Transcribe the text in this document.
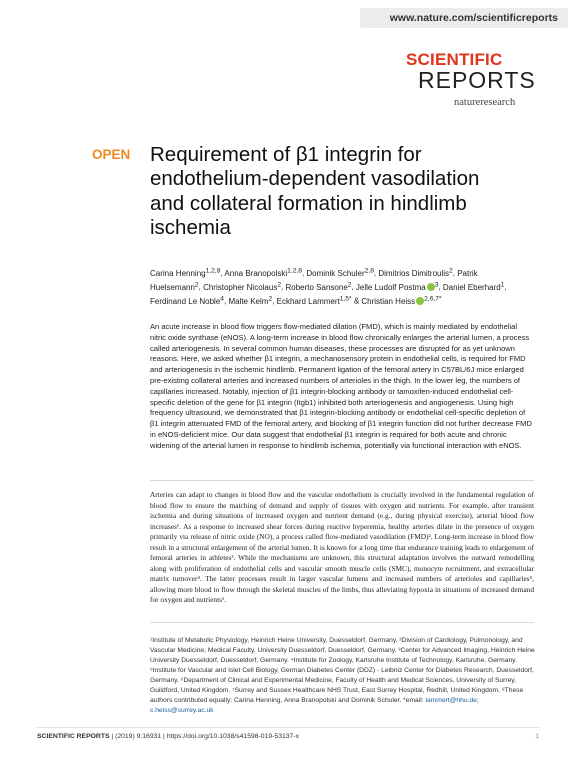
www.nature.com/scientificreports
SCIENTIFIC
REPORTS
natureresearch
OPEN Requirement of β1 integrin for endothelium-dependent vasodilation and collateral formation in hindlimb ischemia

Carina Henning$^{1,2,8}$, Anna Branopolski$^{1,2,8}$, Dominik Schuler$^{2,8}$, Dimitrios Dimitroulis$^2$, Patrik Huelsemann$^2$, Christopher Nicolaus$^2$, Roberto Sansone$^2$, Jelle Ludolf Postma $^3$, Daniel Eberhard$^1$, Ferdinand Le Noble$^4$, Malte Kelm$^2$, Eckhard Lammert$^{1,5*}$ & Christian Heiss $^{2,6,7*}$

An acute increase in blood flow triggers flow-mediated dilation (FMD), which is mainly mediated by endothelial nitric oxide synthase (eNOS). A long-term increase in blood flow chronically enlarges the arterial lumen, a process called arteriogenesis. In several common human diseases, these processes are disrupted for as yet unknown reasons. Here, we asked whether β1 integrin, a mechanosensory protein in endothelial cells, is required for FMD and arteriogenesis in the ischemic hindlimb. Permanent ligation of the femoral artery in C57BL/6J mice enlarged pre-existing collateral arteries and increased numbers of arterioles in the thigh. In the lower leg, the numbers of capillaries increased. Notably, injection of β1 integrin-blocking antibody or tamoxifen-induced endothelial cell-specific deletion of the gene for β1 integrin (Itgb1) inhibited both arteriogenesis and angiogenesis. Using high frequency ultrasound, we demonstrated that β1 integrin-blocking antibody or endothelial cell-specific depletion of β1 integrin attenuated FMD of the femoral artery, and blocking of β1 integrin function did not further decrease FMD in eNOS-deficient mice. Our data suggest that endothelial β1 integrin is required for both acute and chronic widening of the arterial lumen in response to hindlimb ischemia, potentially via functional interaction with eNOS.

Arteries can adapt to changes in blood flow and the vascular endothelium is crucially involved in the fundamental regulation of blood flow to ensure the matching of demand and supply of tissues with oxygen and nutrients. For example, after transient ischemia and during situations of increased oxygen and nutrient demand (e.g., during physical exercise), arterial blood flow increases¹. As a response to increased shear forces during reactive hyperemia, healthy arteries dilate in the presence of oxygen primarily via release of nitric oxide (NO), a process called flow-mediated vasodilation (FMD)². Long-term increase in blood flow result in a structural enlargement of the arterial lumen. It is known for a long time that endurance training leads to enlargement of femoral arteries in athletes³. While the mechanisms are unknown, this structural adaptation involves the outward remodelling along with proliferation of endothelial cells and vascular smooth muscle cells (SMC), monocyte recruitment, and extracellular matrix turnover⁴. The latter processes result in larger vascular lumens and increased numbers of arterioles and capillaries⁵, allowing more blood to flow through the skeletal muscles of the limbs, thus alleviating hypoxia in situations of increased demand for oxygen and nutrients¹.

¹Institute of Metabolic Physiology, Heinrich Heine University, Duesseldorf, Germany. ²Division of Cardiology, Pulmonology, and Vascular Medicine, Medical Faculty, University Duesseldorf, Duesseldorf, Germany. ³Center for Advanced Imaging, Heinrich Heine University Duesseldorf, Duesseldorf, Germany. ⁴Institute for Zoology, Karlsruhe Institute of Technology, Karlsruhe, Germany. ⁵Institute for Vascular and Islet Cell Biology, German Diabetes Center (DDZ) - Leibniz Center for Diabetes Research, Duesseldorf, Germany. ⁶Department of Clinical and Experimental Medicine, Faculty of Health and Medical Sciences, University of Surrey, Guildford, United Kingdom. ⁷Surrey and Sussex Healthcare NHS Trust, East Surrey Hospital, Redhill, United Kingdom. ⁸These authors contributed equally: Carina Henning, Anna Branopolski and Dominik Schuler. *email: lammert@hhu.de; c.heiss@surrey.ac.uk

SCIENTIFIC REPORTS | (2019) 9:16931 | https://doi.org/10.1038/s41598-019-53137-x	1
